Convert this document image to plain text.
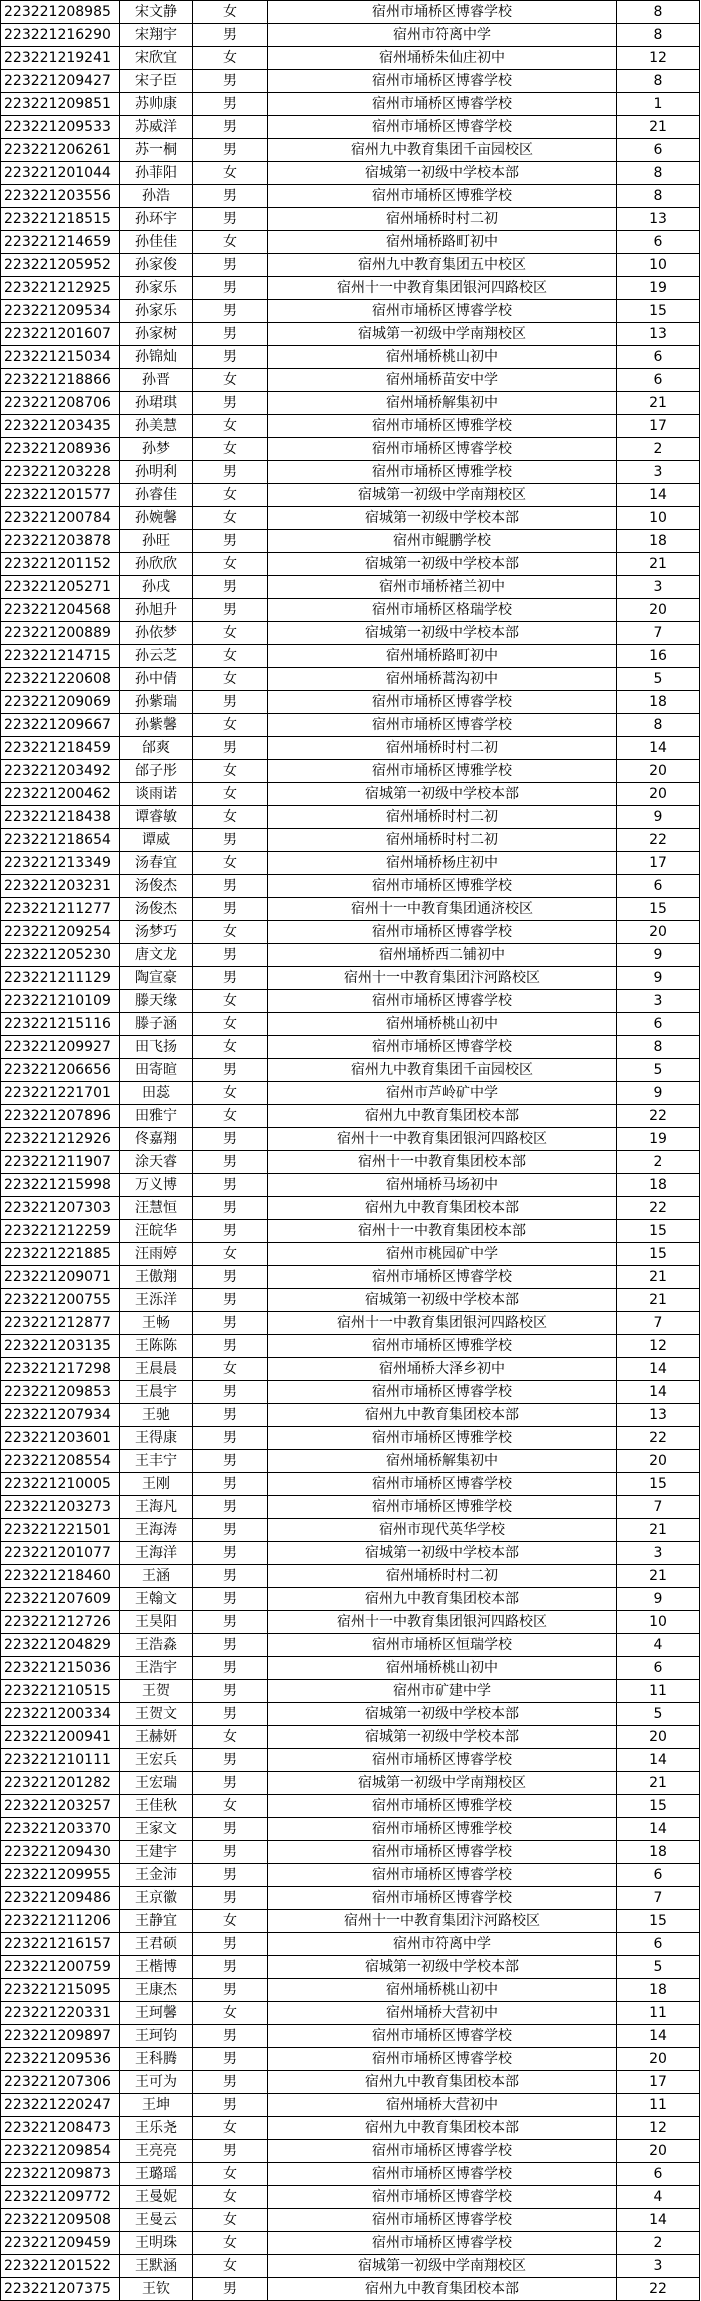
223221208985	宋文静	女	宿州市埇桥区博睿学校	8
223221216290	宋翔宇	男	宿州市符离中学	8
223221219241	宋欣宜	女	宿州埇桥朱仙庄初中	12
223221209427	宋子臣	男	宿州市埇桥区博睿学校	8
223221209851	苏帅康	男	宿州市埇桥区博睿学校	1
223221209533	苏威洋	男	宿州市埇桥区博睿学校	21
223221206261	苏一桐	男	宿州九中教育集团千亩园校区	6
223221201044	孙菲阳	女	宿城第一初级中学校本部	8
223221203556	孙浩	男	宿州市埇桥区博雅学校	8
223221218515	孙环宇	男	宿州埇桥时村二初	13
223221214659	孙佳佳	女	宿州埇桥路町初中	6
223221205952	孙家俊	男	宿州九中教育集团五中校区	10
223221212925	孙家乐	男	宿州十一中教育集团银河四路校区	19
223221209534	孙家乐	男	宿州市埇桥区博睿学校	15
223221201607	孙家树	男	宿城第一初级中学南翔校区	13
223221215034	孙锦灿	男	宿州埇桥桃山初中	6
223221218866	孙晋	女	宿州埇桥苗安中学	6
223221208706	孙珺琪	男	宿州埇桥解集初中	21
223221203435	孙美慧	女	宿州市埇桥区博雅学校	17
223221208936	孙梦	女	宿州市埇桥区博睿学校	2
223221203228	孙明利	男	宿州市埇桥区博雅学校	3
223221201577	孙睿佳	女	宿城第一初级中学南翔校区	14
223221200784	孙婉馨	女	宿城第一初级中学校本部	10
223221203878	孙旺	男	宿州市鲲鹏学校	18
223221201152	孙欣欣	女	宿城第一初级中学校本部	21
223221205271	孙戌	男	宿州市埇桥褚兰初中	3
223221204568	孙旭升	男	宿州市埇桥区格瑞学校	20
223221200889	孙依梦	女	宿城第一初级中学校本部	7
223221214715	孙云芝	女	宿州埇桥路町初中	16
223221220608	孙中倩	女	宿州埇桥蒿沟初中	5
223221209069	孙紫瑞	男	宿州市埇桥区博睿学校	18
223221209667	孙紫馨	女	宿州市埇桥区博睿学校	8
223221218459	邰爽	男	宿州埇桥时村二初	14
223221203492	邰子彤	女	宿州市埇桥区博雅学校	20
223221200462	谈雨诺	女	宿城第一初级中学校本部	20
223221218438	谭睿敏	女	宿州埇桥时村二初	9
223221218654	谭威	男	宿州埇桥时村二初	22
223221213349	汤春宜	女	宿州埇桥杨庄初中	17
223221203231	汤俊杰	男	宿州市埇桥区博雅学校	6
223221211277	汤俊杰	男	宿州十一中教育集团通济校区	15
223221209254	汤梦巧	女	宿州市埇桥区博睿学校	20
223221205230	唐文龙	男	宿州埇桥西二铺初中	9
223221211129	陶宣豪	男	宿州十一中教育集团汴河路校区	9
223221210109	滕天缘	女	宿州市埇桥区博睿学校	3
223221215116	滕子涵	女	宿州埇桥桃山初中	6
223221209927	田飞扬	女	宿州市埇桥区博睿学校	8
223221206656	田寄暄	男	宿州九中教育集团千亩园校区	5
223221221701	田蕊	女	宿州市芦岭矿中学	9
223221207896	田雅宁	女	宿州九中教育集团校本部	22
223221212926	佟嘉翔	男	宿州十一中教育集团银河四路校区	19
223221211907	涂天睿	男	宿州十一中教育集团校本部	2
223221215998	万义博	男	宿州埇桥马场初中	18
223221207303	汪慧恒	男	宿州九中教育集团校本部	22
223221212259	汪皖华	男	宿州十一中教育集团校本部	15
223221221885	汪雨婷	女	宿州市桃园矿中学	15
223221209071	王傲翔	男	宿州市埇桥区博睿学校	21
223221200755	王泺洋	男	宿城第一初级中学校本部	21
223221212877	王畅	男	宿州十一中教育集团银河四路校区	7
223221203135	王陈陈	男	宿州市埇桥区博雅学校	12
223221217298	王晨晨	女	宿州埇桥大泽乡初中	14
223221209853	王晨宇	男	宿州市埇桥区博睿学校	14
223221207934	王驰	男	宿州九中教育集团校本部	13
223221203601	王得康	男	宿州市埇桥区博雅学校	22
223221208554	王丰宁	男	宿州埇桥解集初中	20
223221210005	王刚	男	宿州市埇桥区博睿学校	15
223221203273	王海凡	男	宿州市埇桥区博雅学校	7
223221221501	王海涛	男	宿州市现代英华学校	21
223221201077	王海洋	男	宿城第一初级中学校本部	3
223221218460	王涵	男	宿州埇桥时村二初	21
223221207609	王翰文	男	宿州九中教育集团校本部	9
223221212726	王昊阳	男	宿州十一中教育集团银河四路校区	10
223221204829	王浩淼	男	宿州市埇桥区恒瑞学校	4
223221215036	王浩宇	男	宿州埇桥桃山初中	6
223221210515	王贺	男	宿州市矿建中学	11
223221200334	王贺文	男	宿城第一初级中学校本部	5
223221200941	王赫妍	女	宿城第一初级中学校本部	20
223221210111	王宏兵	男	宿州市埇桥区博睿学校	14
223221201282	王宏瑞	男	宿城第一初级中学南翔校区	21
223221203257	王佳秋	女	宿州市埇桥区博雅学校	15
223221203370	王家文	男	宿州市埇桥区博雅学校	14
223221209430	王建宇	男	宿州市埇桥区博睿学校	18
223221209955	王金沛	男	宿州市埇桥区博睿学校	6
223221209486	王京徽	男	宿州市埇桥区博睿学校	7
223221211206	王静宜	女	宿州十一中教育集团汴河路校区	15
223221216157	王君硕	男	宿州市符离中学	6
223221200759	王楷博	男	宿城第一初级中学校本部	5
223221215095	王康杰	男	宿州埇桥桃山初中	18
223221220331	王珂馨	女	宿州埇桥大营初中	11
223221209897	王珂钧	男	宿州市埇桥区博睿学校	14
223221209536	王科腾	男	宿州市埇桥区博睿学校	20
223221207306	王可为	男	宿州九中教育集团校本部	17
223221220247	王坤	男	宿州埇桥大营初中	11
223221208473	王乐尧	女	宿州九中教育集团校本部	12
223221209854	王亮亮	男	宿州市埇桥区博睿学校	20
223221209873	王璐瑶	女	宿州市埇桥区博睿学校	6
223221209772	王曼妮	女	宿州市埇桥区博睿学校	4
223221209508	王曼云	女	宿州市埇桥区博睿学校	14
223221209459	王明珠	女	宿州市埇桥区博睿学校	2
223221201522	王默涵	女	宿城第一初级中学南翔校区	3
223221207375	王钦	男	宿州九中教育集团校本部	22
